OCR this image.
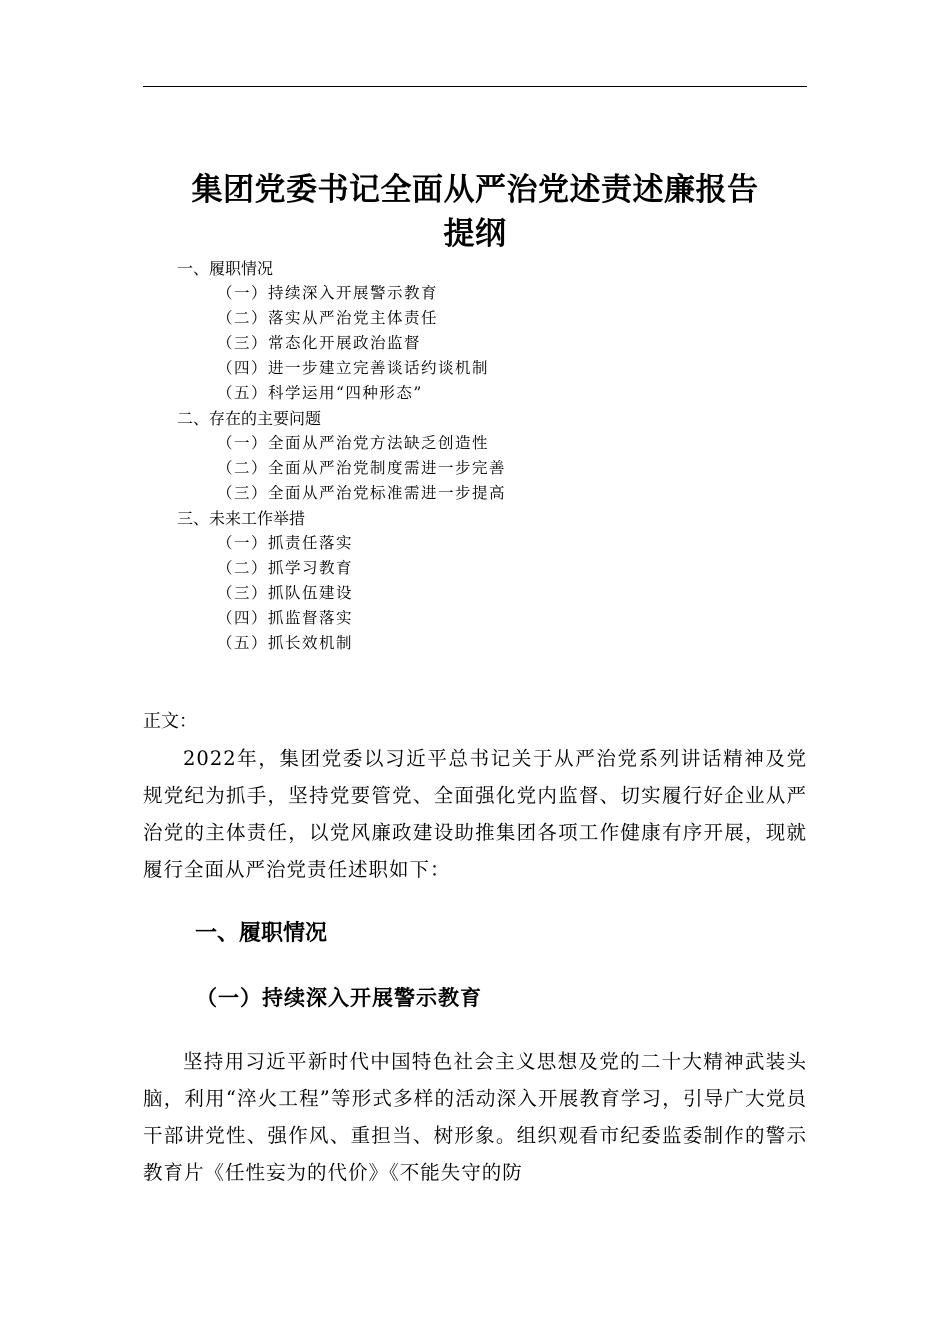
集团党委书记全面从严治党述责述廉报告
提纲
一、履职情况
（一）持续深入开展警示教育
（二）落实从严治党主体责任
（三）常态化开展政治监督
（四）进一步建立完善谈话约谈机制
（五）科学运用“四种形态”
二、存在的主要问题
（一）全面从严治党方法缺乏创造性
（二）全面从严治党制度需进一步完善
（三）全面从严治党标准需进一步提高
三、未来工作举措
（一）抓责任落实
（二）抓学习教育
（三）抓队伍建设
（四）抓监督落实
（五）抓长效机制
正文：

2022年，集团党委以习近平总书记关于从严治党系列讲话精神及党规党纪为抓手，坚持党要管党、全面强化党内监督、切实履行好企业从严治党的主体责任，以党风廉政建设助推集团各项工作健康有序开展，现就履行全面从严治党责任述职如下：

一、履职情况
（一）持续深入开展警示教育

坚持用习近平新时代中国特色社会主义思想及党的二十大精神武装头脑，利用“淬火工程”等形式多样的活动深入开展教育学习，引导广大党员干部讲党性、强作风、重担当、树形象。组织观看市纪委监委制作的警示教育片《任性妄为的代价》《不能失守的防
